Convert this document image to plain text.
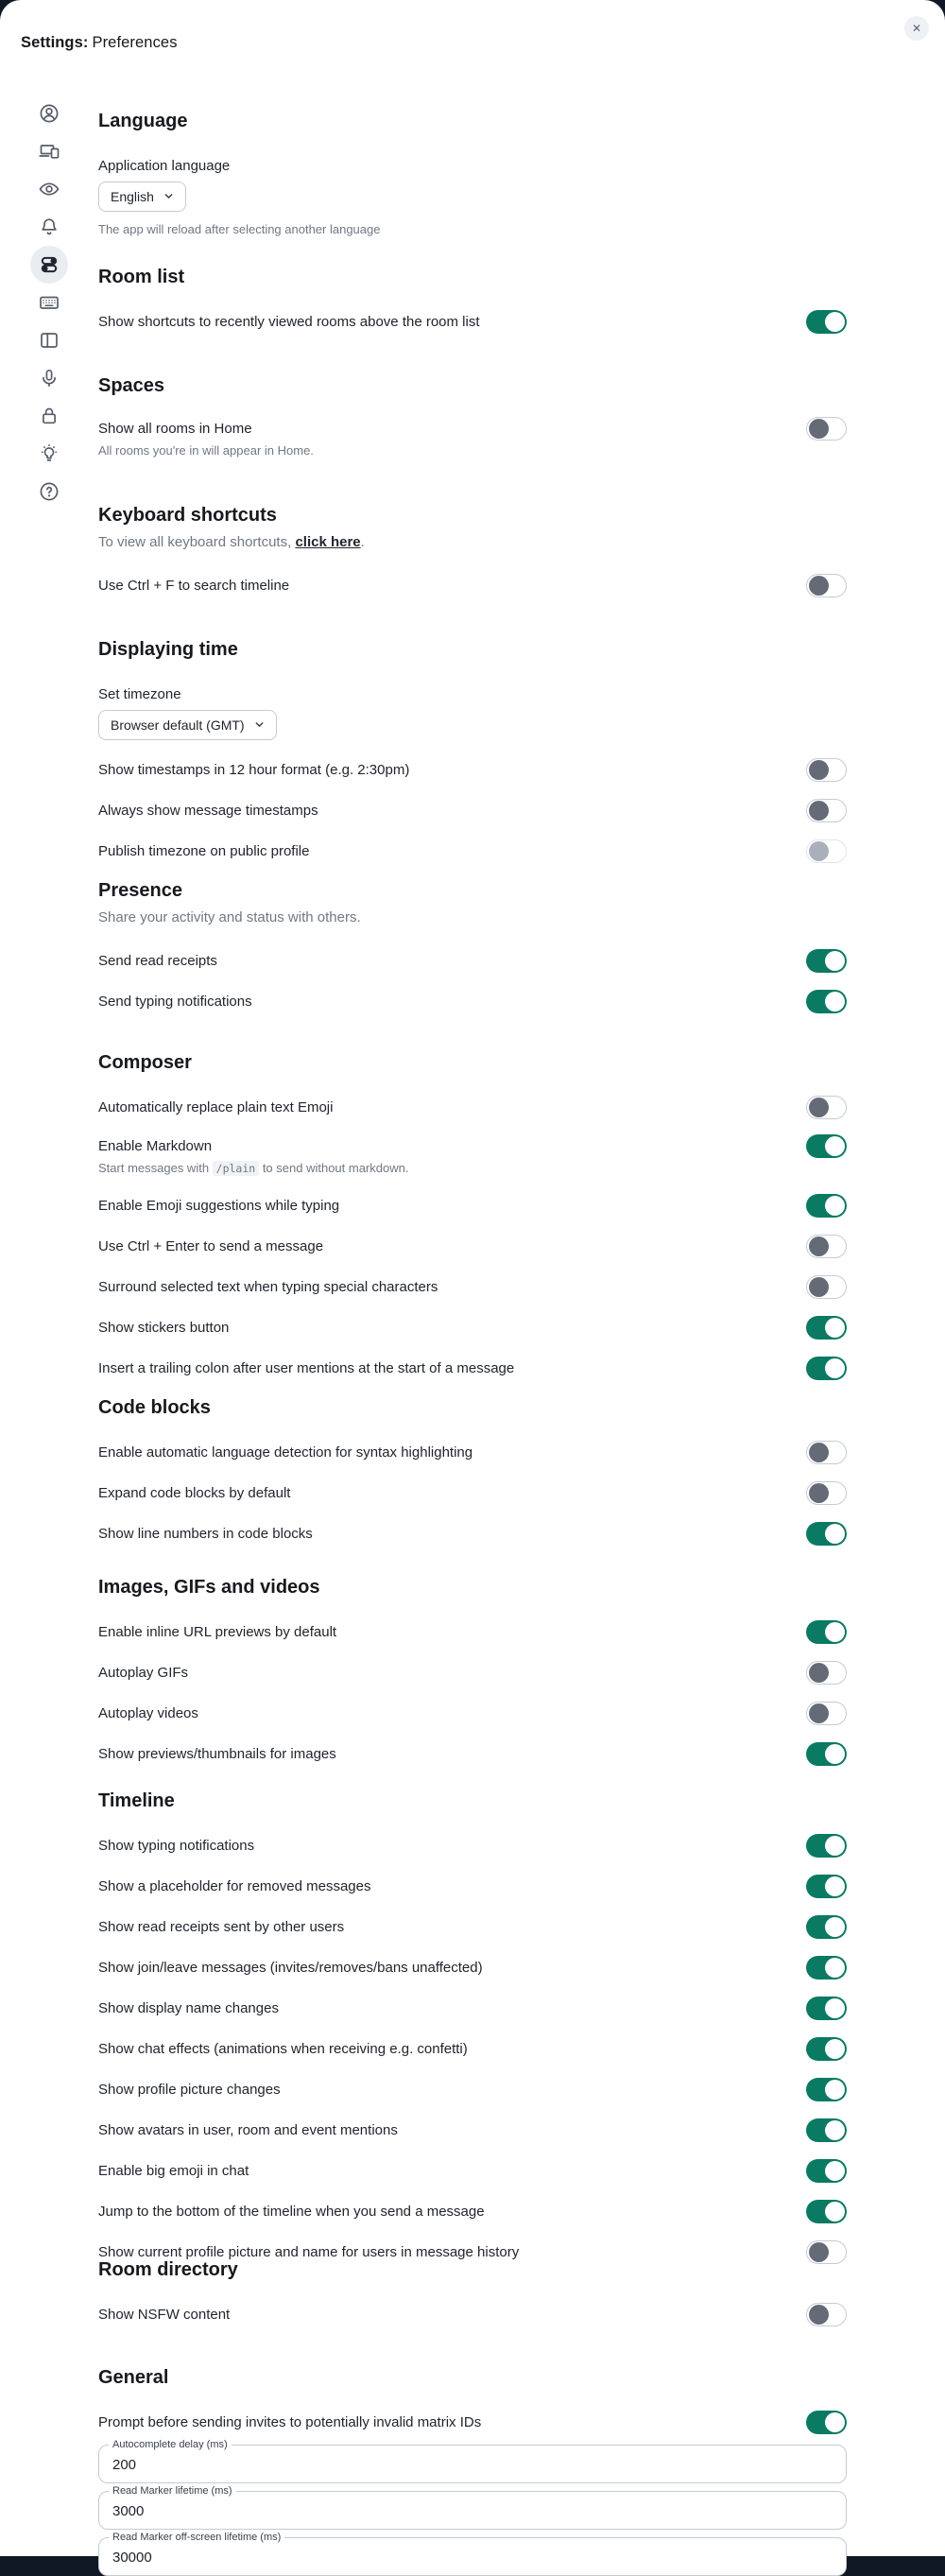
Settings: Preferences
✕
Language
Application language
English
The app will reload after selecting another language
Room list
Show shortcuts to recently viewed rooms above the room list
Spaces
Show all rooms in Home
All rooms you're in will appear in Home.
Keyboard shortcuts

To view all keyboard shortcuts, click here.

Use Ctrl + F to search timeline
Displaying time
Set timezone
Browser default (GMT)
Show timestamps in 12 hour format (e.g. 2:30pm)
Always show message timestamps
Publish timezone on public profile
Presence
Share your activity and status with others.
Send read receipts
Send typing notifications
Composer
Automatically replace plain text Emoji
Enable Markdown
Start messages with /plain to send without markdown.
Enable Emoji suggestions while typing
Use Ctrl + Enter to send a message
Surround selected text when typing special characters
Show stickers button
Insert a trailing colon after user mentions at the start of a message
Code blocks
Enable automatic language detection for syntax highlighting
Expand code blocks by default
Show line numbers in code blocks
Images, GIFs and videos
Enable inline URL previews by default
Autoplay GIFs
Autoplay videos
Show previews/thumbnails for images
Timeline
Show typing notifications
Show a placeholder for removed messages
Show read receipts sent by other users
Show join/leave messages (invites/removes/bans unaffected)
Show display name changes
Show chat effects (animations when receiving e.g. confetti)
Show profile picture changes
Show avatars in user, room and event mentions
Enable big emoji in chat
Jump to the bottom of the timeline when you send a message
Show current profile picture and name for users in message history
Room directory
Show NSFW content
General
Prompt before sending invites to potentially invalid matrix IDs
Autocomplete delay (ms)
200
Read Marker lifetime (ms)
3000
Read Marker off-screen lifetime (ms)
30000
